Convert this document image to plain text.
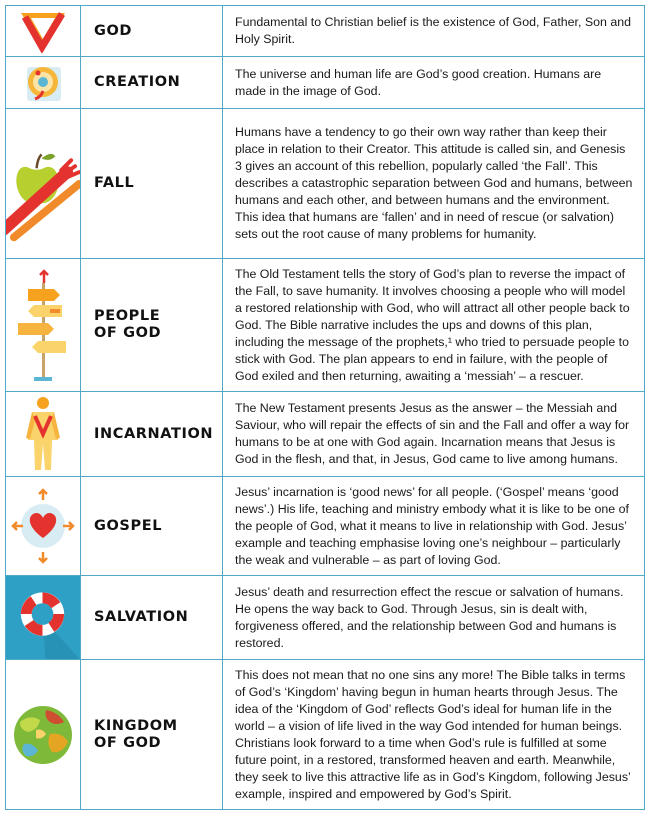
GOD
Fundamental to Christian belief is the existence of God, Father, Son and Holy Spirit.
CREATION
The universe and human life are God’s good creation. Humans are made in the image of God.
FALL
Humans have a tendency to go their own way rather than keep their place in relation to their Creator. This attitude is called sin, and Genesis 3 gives an account of this rebellion, popularly called ‘the Fall’. This describes a catastrophic separation between God and humans, between humans and each other, and between humans and the environment. This idea that humans are ‘fallen’ and in need of rescue (or salvation) sets out the root cause of many problems for humanity.
PEOPLE
OF GOD
The Old Testament tells the story of God’s plan to reverse the impact of the Fall, to save humanity. It involves choosing a people who will model a restored relationship with God, who will attract all other people back to God. The Bible narrative includes the ups and downs of this plan, including the message of the prophets,¹ who tried to persuade people to stick with God. The plan appears to end in failure, with the people of God exiled and then returning, awaiting a ‘messiah’ – a rescuer.
INCARNATION
The New Testament presents Jesus as the answer – the Messiah and Saviour, who will repair the effects of sin and the Fall and offer a way for humans to be at one with God again. Incarnation means that Jesus is God in the flesh, and that, in Jesus, God came to live among humans.
GOSPEL
Jesus’ incarnation is ‘good news’ for all people. (‘Gospel’ means ‘good news’.) His life, teaching and ministry embody what it is like to be one of the people of God, what it means to live in relationship with God. Jesus’ example and teaching emphasise loving one’s neighbour – particularly the weak and vulnerable – as part of loving God.
SALVATION
Jesus’ death and resurrection effect the rescue or salvation of humans. He opens the way back to God. Through Jesus, sin is dealt with, forgiveness offered, and the relationship between God and humans is restored.
KINGDOM
OF GOD
This does not mean that no one sins any more! The Bible talks in terms of God’s ‘Kingdom’ having begun in human hearts through Jesus. The idea of the ‘Kingdom of God’ reflects God’s ideal for human life in the world – a vision of life lived in the way God intended for human beings. Christians look forward to a time when God’s rule is fulfilled at some future point, in a restored, transformed heaven and earth. Meanwhile, they seek to live this attractive life as in God’s Kingdom, following Jesus’ example, inspired and empowered by God’s Spirit.
